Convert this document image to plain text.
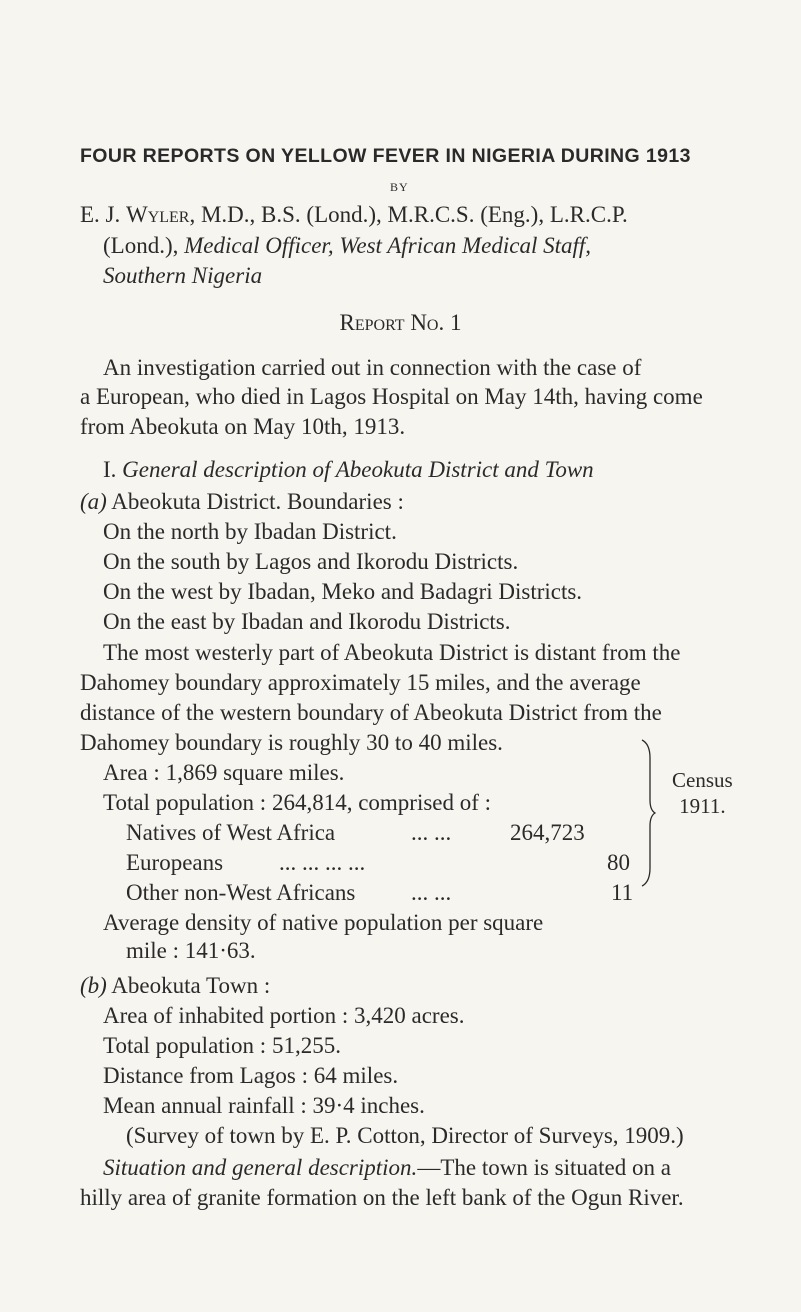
FOUR REPORTS ON YELLOW FEVER IN NIGERIA DURING 1913
BY
E. J. Wyler, M.D., B.S. (Lond.), M.R.C.S. (Eng.), L.R.C.P.
(Lond.), Medical Officer, West African Medical Staff,
Southern Nigeria
Report No. 1
An investigation carried out in connection with the case of
a European, who died in Lagos Hospital on May 14th, having come
from Abeokuta on May 10th, 1913.
I. General description of Abeokuta District and Town
(a) Abeokuta District. Boundaries :
On the north by Ibadan District.
On the south by Lagos and Ikorodu Districts.
On the west by Ibadan, Meko and Badagri Districts.
On the east by Ibadan and Ikorodu Districts.
The most westerly part of Abeokuta District is distant from the
Dahomey boundary approximately 15 miles, and the average
distance of the western boundary of Abeokuta District from the
Dahomey boundary is roughly 30 to 40 miles.
Area : 1,869 square miles.
Total population : 264,814, comprised of :
Natives of West Africa	... ...	264,723
Europeans ... ... ... ...	80
Other non-West Africans ... ...	11
Average density of native population per square
mile : 141·63.
Census
1911.
(b) Abeokuta Town :
Area of inhabited portion : 3,420 acres.
Total population : 51,255.
Distance from Lagos : 64 miles.
Mean annual rainfall : 39·4 inches.
(Survey of town by E. P. Cotton, Director of Surveys, 1909.)
Situation and general description.—The town is situated on a
hilly area of granite formation on the left bank of the Ogun River.
